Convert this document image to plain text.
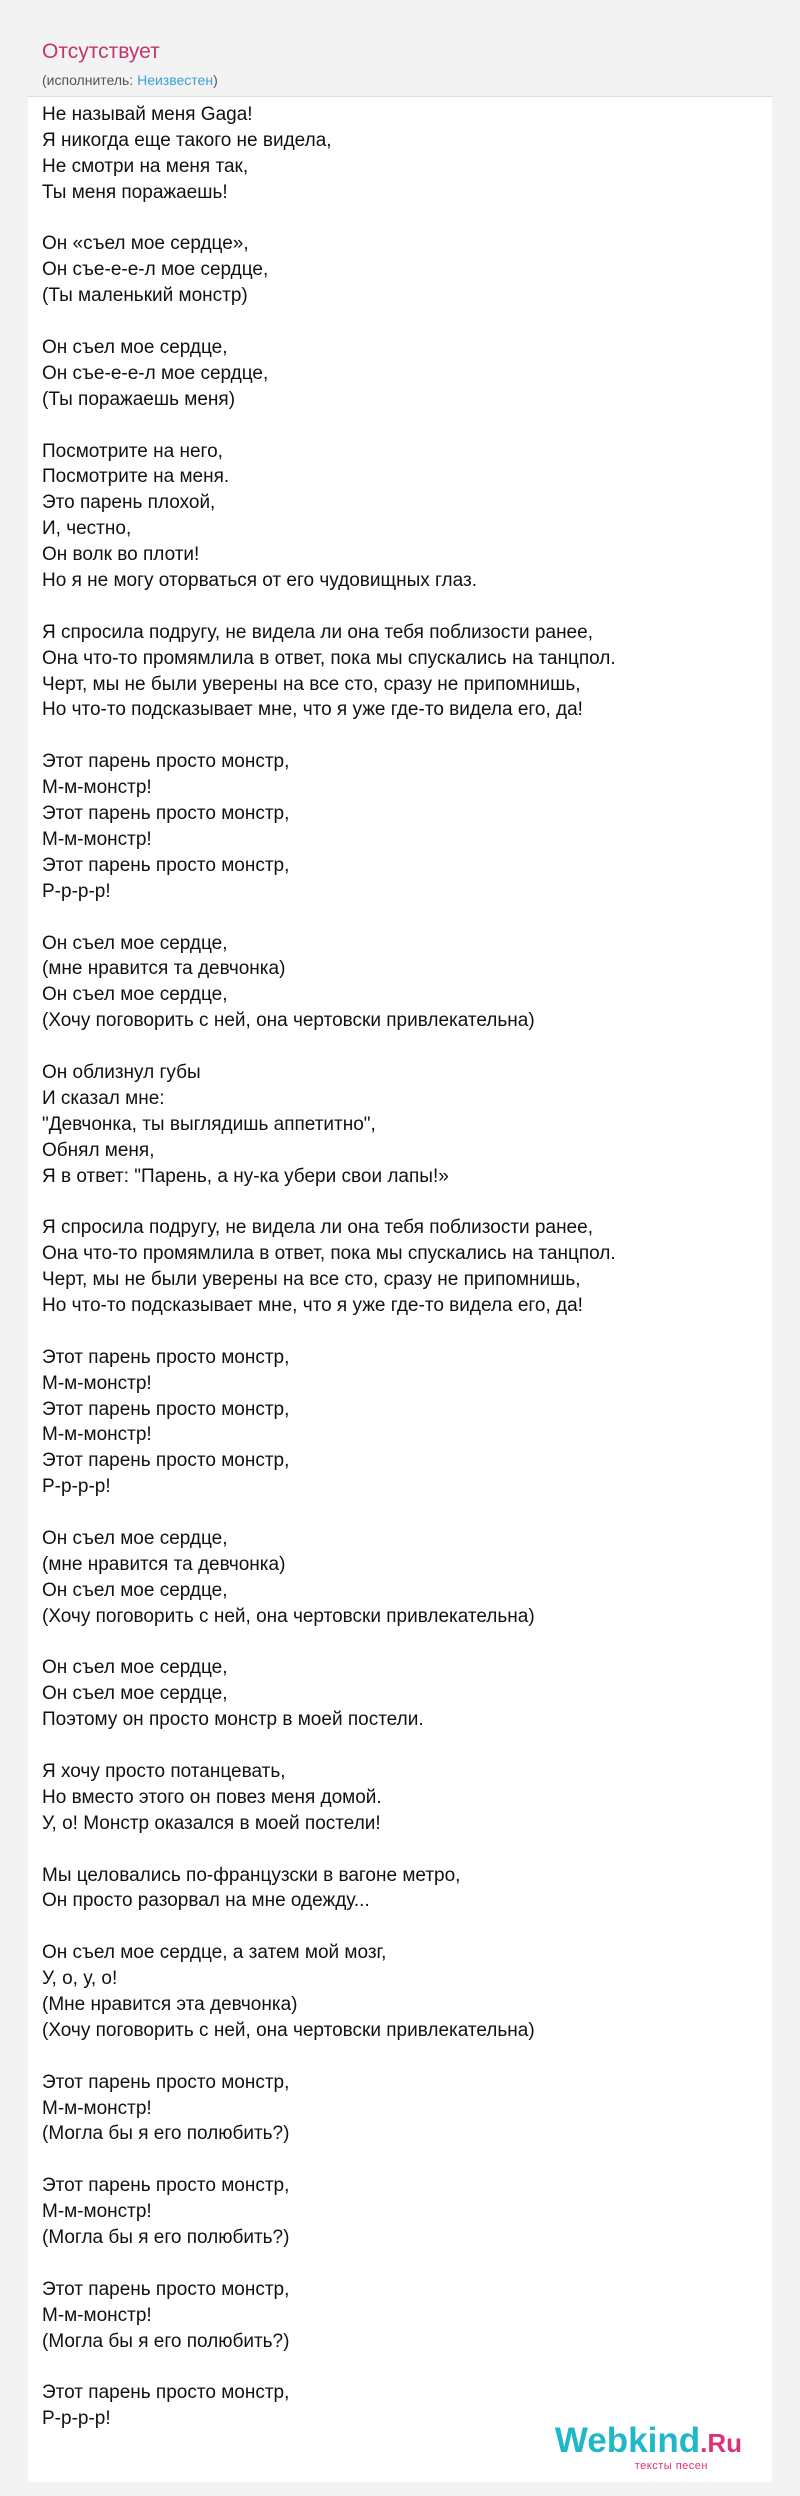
Отсутствует
(исполнитель: Неизвестен)
Не называй меня Gaga!
Я никогда еще такого не видела,
Не смотри на меня так,
Ты меня поражаешь!
Он «съел мое сердце»,
Он съе-е-е-л мое сердце,
(Ты маленький монстр)
Он съел мое сердце,
Он съе-е-е-л мое сердце,
(Ты поражаешь меня)
Посмотрите на него,
Посмотрите на меня.
Это парень плохой,
И, честно,
Он волк во плоти!
Но я не могу оторваться от его чудовищных глаз.
Я спросила подругу, не видела ли она тебя поблизости ранее,
Она что-то промямлила в ответ, пока мы спускались на танцпол.
Черт, мы не были уверены на все сто, сразу не припомнишь,
Но что-то подсказывает мне, что я уже где-то видела его, да!
Этот парень просто монстр,
М-м-монстр!
Этот парень просто монстр,
М-м-монстр!
Этот парень просто монстр,
Р-р-р-р!
Он съел мое сердце,
(мне нравится та девчонка)
Он съел мое сердце,
(Хочу поговорить с ней, она чертовски привлекательна)
Он облизнул губы
И сказал мне:
"Девчонка, ты выглядишь аппетитно",
Обнял меня,
Я в ответ: "Парень, а ну-ка убери свои лапы!»
Я спросила подругу, не видела ли она тебя поблизости ранее,
Она что-то промямлила в ответ, пока мы спускались на танцпол.
Черт, мы не были уверены на все сто, сразу не припомнишь,
Но что-то подсказывает мне, что я уже где-то видела его, да!
Этот парень просто монстр,
М-м-монстр!
Этот парень просто монстр,
М-м-монстр!
Этот парень просто монстр,
Р-р-р-р!
Он съел мое сердце,
(мне нравится та девчонка)
Он съел мое сердце,
(Хочу поговорить с ней, она чертовски привлекательна)
Он съел мое сердце,
Он съел мое сердце,
Поэтому он просто монстр в моей постели.
Я хочу просто потанцевать,
Но вместо этого он повез меня домой.
У, о! Монстр оказался в моей постели!
Мы целовались по-французски в вагоне метро,
Он просто разорвал на мне одежду...
Он съел мое сердце, а затем мой мозг,
У, о, у, о!
(Мне нравится эта девчонка)
(Хочу поговорить с ней, она чертовски привлекательна)
Этот парень просто монстр,
М-м-монстр!
(Могла бы я его полюбить?)
Этот парень просто монстр,
М-м-монстр!
(Могла бы я его полюбить?)
Этот парень просто монстр,
М-м-монстр!
(Могла бы я его полюбить?)
Этот парень просто монстр,
Р-р-р-р!
Webkind.Ru
тексты песен
